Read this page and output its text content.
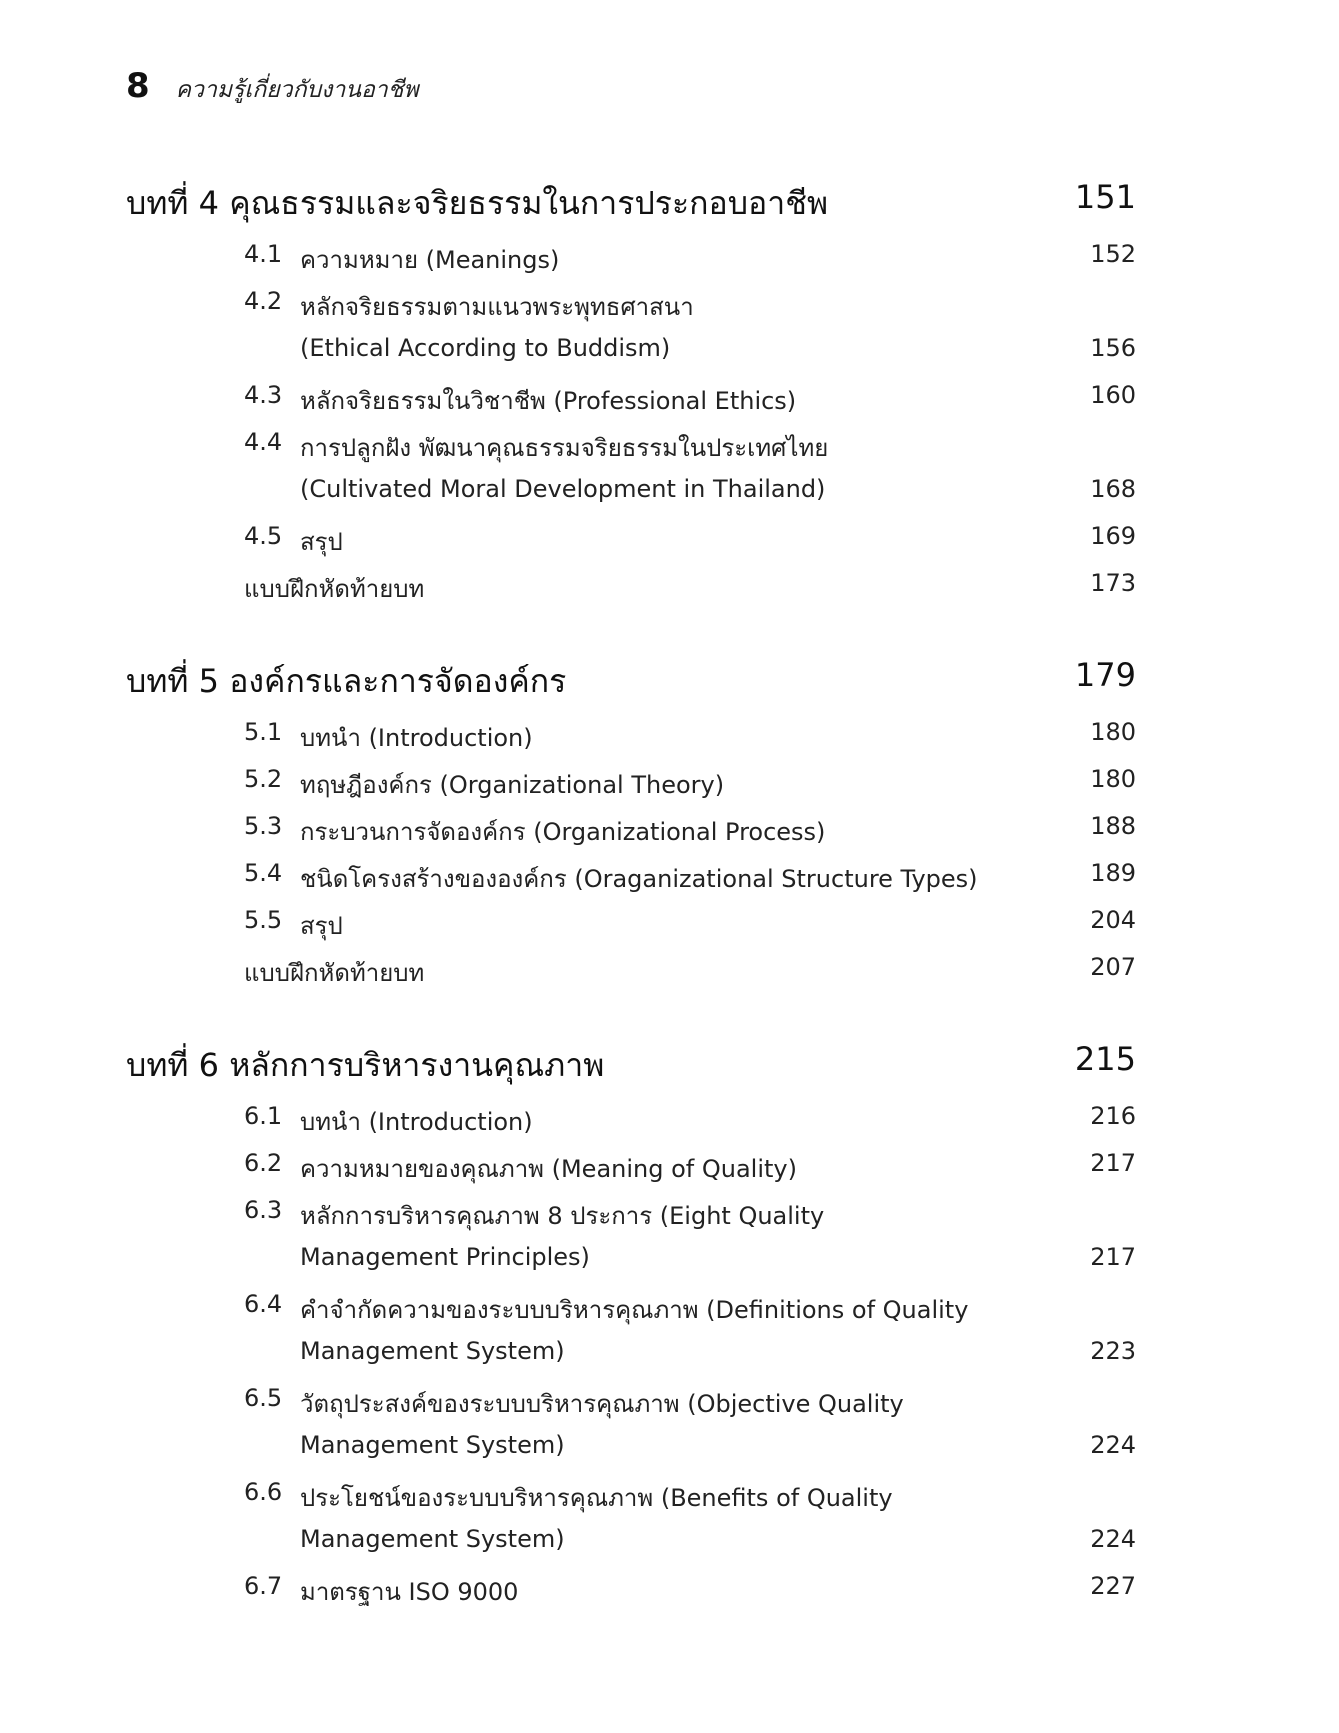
8 ความรู้เกี่ยวกับงานอาชีพ
บทที่ 4 คุณธรรมและจริยธรรมในการประกอบอาชีพ	151
4.1 ความหมาย (Meanings)	152
4.2 หลักจริยธรรมตามแนวพระพุทธศาสนา
(Ethical According to Buddism)	156
4.3 หลักจริยธรรมในวิชาชีพ (Professional Ethics)	160
4.4 การปลูกฝัง พัฒนาคุณธรรมจริยธรรมในประเทศไทย
(Cultivated Moral Development in Thailand)	168
4.5 สรุป	169
แบบฝึกหัดท้ายบท	173
บทที่ 5 องค์กรและการจัดองค์กร	179
5.1 บทนำ (Introduction)	180
5.2 ทฤษฎีองค์กร (Organizational Theory)	180
5.3 กระบวนการจัดองค์กร (Organizational Process)	188
5.4 ชนิดโครงสร้างขององค์กร (Oraganizational Structure Types)	189
5.5 สรุป	204
แบบฝึกหัดท้ายบท	207
บทที่ 6 หลักการบริหารงานคุณภาพ	215
6.1 บทนำ (Introduction)	216
6.2 ความหมายของคุณภาพ (Meaning of Quality)	217
6.3 หลักการบริหารคุณภาพ 8 ประการ (Eight Quality
Management Principles)	217
6.4 คำจำกัดความของระบบบริหารคุณภาพ (Definitions of Quality
Management System)	223
6.5 วัตถุประสงค์ของระบบบริหารคุณภาพ (Objective Quality
Management System)	224
6.6 ประโยชน์ของระบบบริหารคุณภาพ (Benefits of Quality
Management System)	224
6.7 มาตรฐาน ISO 9000	227
